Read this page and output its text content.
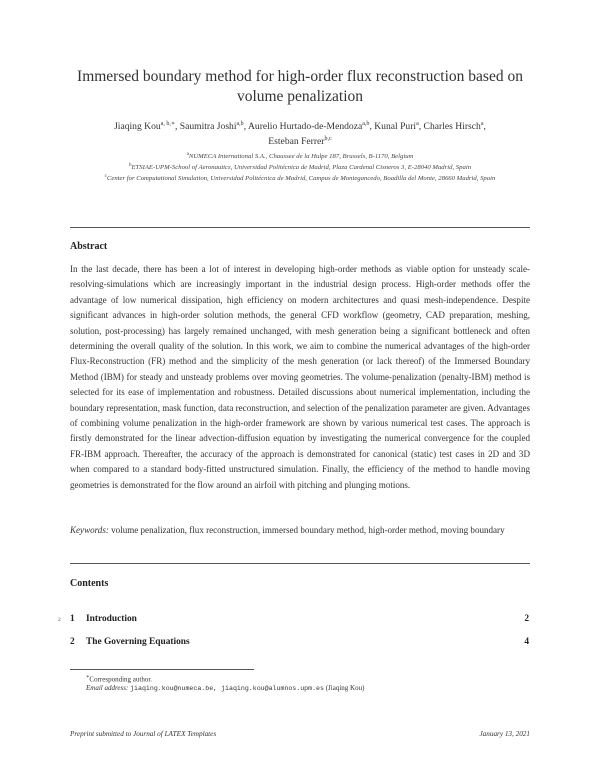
Immersed boundary method for high-order flux reconstruction based on volume penalization
Jiaqing Kou$^{a, b,∗}$, Saumitra Joshi$^{a,b}$, Aurelio Hurtado-de-Mendoza$^{a,b}$, Kunal Puri$^a$, Charles Hirsch$^a$,
Esteban Ferrer$^{b,c}$
$^a$NUMECA International S.A., Chaussee de la Hulpe 187, Brussels, B-1170, Belgium
$^b$ETSIAE-UPM-School of Aeronautics, Universidad Politécnica de Madrid, Plaza Cardenal Cisneros 3, E-28040 Madrid, Spain
$^c$Center for Computational Simulation, Universidad Politécnica de Madrid, Campus de Montegancedo, Boadilla del Monte, 28660 Madrid, Spain
Abstract
In the last decade, there has been a lot of interest in developing high-order methods as viable option for unsteady scale-resolving-simulations which are increasingly important in the industrial design process. High-order methods offer the advantage of low numerical dissipation, high efficiency on modern architectures and quasi mesh-independence. Despite significant advances in high-order solution methods, the general CFD workflow (geometry, CAD preparation, meshing, solution, post-processing) has largely remained unchanged, with mesh generation being a significant bottleneck and often determining the overall quality of the solution. In this work, we aim to combine the numerical advantages of the high-order Flux-Reconstruction (FR) method and the simplicity of the mesh generation (or lack thereof) of the Immersed Boundary Method (IBM) for steady and unsteady problems over moving geometries. The volume-penalization (penalty-IBM) method is selected for its ease of implementation and robustness. Detailed discussions about numerical implementation, including the boundary representation, mask function, data reconstruction, and selection of the penalization parameter are given. Advantages of combining volume penalization in the high-order framework are shown by various numerical test cases. The approach is firstly demonstrated for the linear advection-diffusion equation by investigating the numerical convergence for the coupled FR-IBM approach. Thereafter, the accuracy of the approach is demonstrated for canonical (static) test cases in 2D and 3D when compared to a standard body-fitted unstructured simulation. Finally, the efficiency of the method to handle moving geometries is demonstrated for the flow around an airfoil with pitching and plunging motions.
Keywords: volume penalization, flux reconstruction, immersed boundary method, high-order method, moving boundary
Contents
2 1 Introduction	2
2 The Governing Equations	4
∗Corresponding author.
Email address: jiaqing.kou@numeca.be, jiaqing.kou@alumnos.upm.es (Jiaqing Kou)
Preprint submitted to Journal of LATEX Templates	January 13, 2021
